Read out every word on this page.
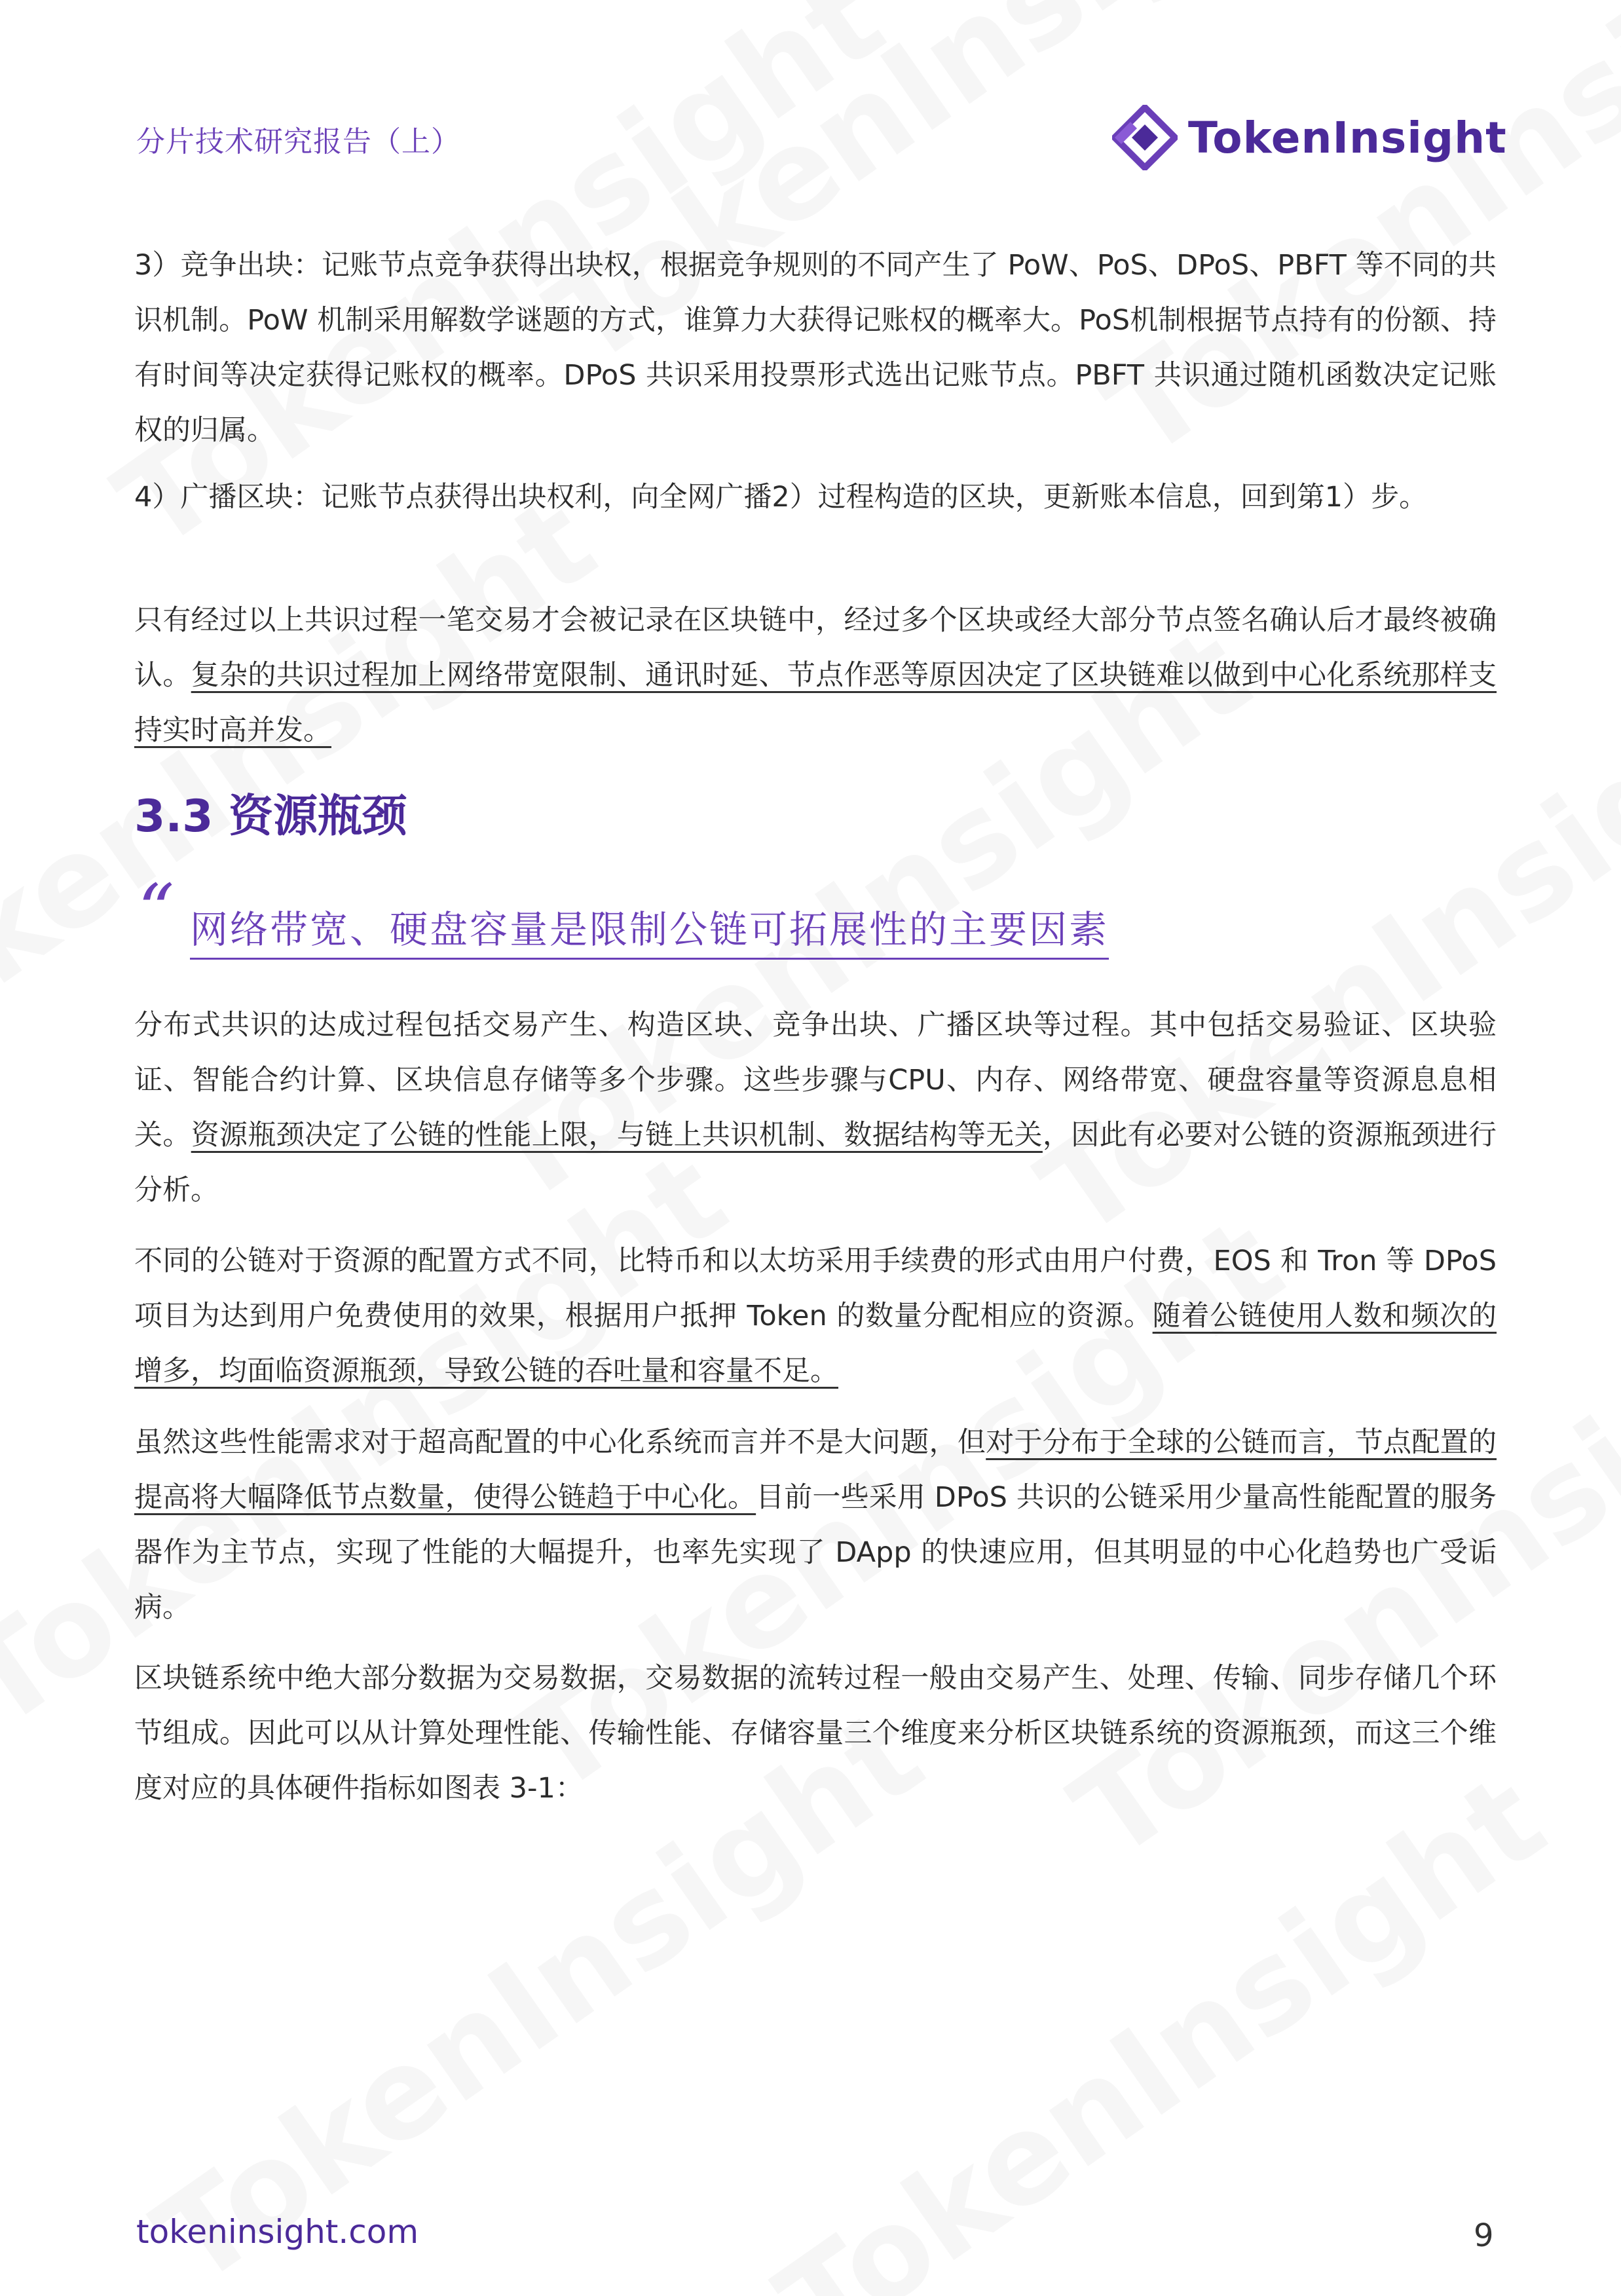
分片技术研究报告（上）	TokenInsight

3）竞争出块：记账节点竞争获得出块权，根据竞争规则的不同产生了 PoW、PoS、DPoS、PBFT 等不同的共识机制。PoW 机制采用解数学谜题的方式，谁算力大获得记账权的概率大。PoS机制根据节点持有的份额、持有时间等决定获得记账权的概率。DPoS 共识采用投票形式选出记账节点。PBFT 共识通过随机函数决定记账权的归属。

4）广播区块：记账节点获得出块权利，向全网广播2）过程构造的区块，更新账本信息，回到第1）步。

只有经过以上共识过程一笔交易才会被记录在区块链中，经过多个区块或经大部分节点签名确认后才最终被确认。复杂的共识过程加上网络带宽限制、通讯时延、节点作恶等原因决定了区块链难以做到中心化系统那样支持实时高并发。

3.3 资源瓶颈
“ 网络带宽、硬盘容量是限制公链可拓展性的主要因素

分布式共识的达成过程包括交易产生、构造区块、竞争出块、广播区块等过程。其中包括交易验证、区块验证、智能合约计算、区块信息存储等多个步骤。这些步骤与CPU、内存、网络带宽、硬盘容量等资源息息相关。资源瓶颈决定了公链的性能上限，与链上共识机制、数据结构等无关，因此有必要对公链的资源瓶颈进行分析。

不同的公链对于资源的配置方式不同，比特币和以太坊采用手续费的形式由用户付费，EOS 和 Tron 等 DPoS 项目为达到用户免费使用的效果，根据用户抵押 Token 的数量分配相应的资源。随着公链使用人数和频次的增多，均面临资源瓶颈，导致公链的吞吐量和容量不足。

虽然这些性能需求对于超高配置的中心化系统而言并不是大问题，但对于分布于全球的公链而言，节点配置的提高将大幅降低节点数量，使得公链趋于中心化。目前一些采用 DPoS 共识的公链采用少量高性能配置的服务器作为主节点，实现了性能的大幅提升，也率先实现了 DApp 的快速应用，但其明显的中心化趋势也广受诟病。

区块链系统中绝大部分数据为交易数据，交易数据的流转过程一般由交易产生、处理、传输、同步存储几个环节组成。因此可以从计算处理性能、传输性能、存储容量三个维度来分析区块链系统的资源瓶颈，而这三个维度对应的具体硬件指标如图表 3-1：

tokeninsight.com	9
